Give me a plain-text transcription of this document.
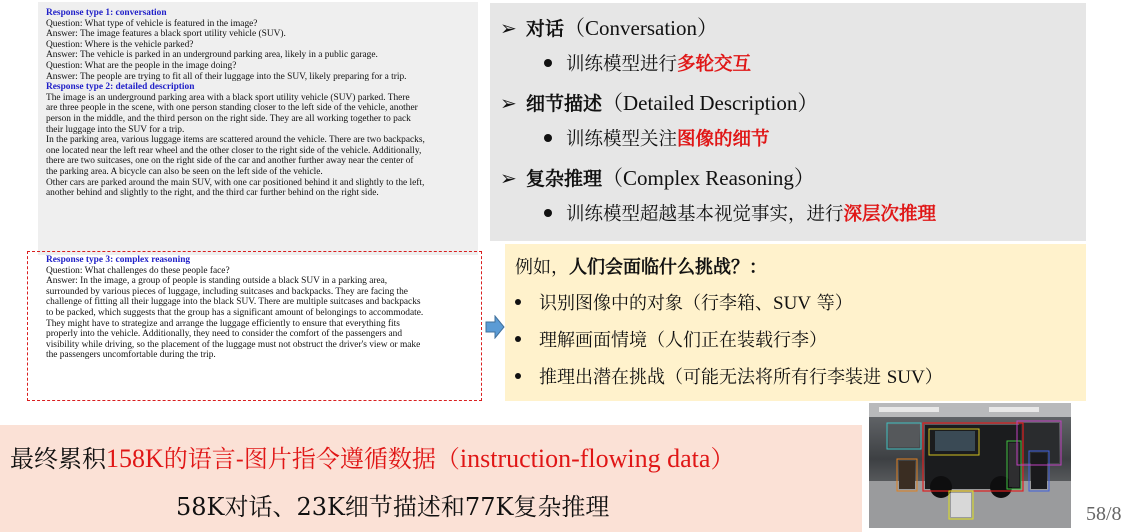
Response type 1: conversation
Question: What type of vehicle is featured in the image?
Answer: The image features a black sport utility vehicle (SUV).
Question: Where is the vehicle parked?
Answer: The vehicle is parked in an underground parking area, likely in a public garage.
Question: What are the people in the image doing?
Answer: The people are trying to fit all of their luggage into the SUV, likely preparing for a trip.
Response type 2: detailed description
The image is an underground parking area with a black sport utility vehicle (SUV) parked. There
are three people in the scene, with one person standing closer to the left side of the vehicle, another
person in the middle, and the third person on the right side. They are all working together to pack
their luggage into the SUV for a trip.
In the parking area, various luggage items are scattered around the vehicle. There are two backpacks,
one located near the left rear wheel and the other closer to the right side of the vehicle. Additionally,
there are two suitcases, one on the right side of the car and another further away near the center of
the parking area. A bicycle can also be seen on the left side of the vehicle.
Other cars are parked around the main SUV, with one car positioned behind it and slightly to the left,
another behind and slightly to the right, and the third car further behind on the right side.
Response type 3: complex reasoning
Question: What challenges do these people face?
Answer: In the image, a group of people is standing outside a black SUV in a parking area,
surrounded by various pieces of luggage, including suitcases and backpacks. They are facing the
challenge of fitting all their luggage into the black SUV. There are multiple suitcases and backpacks
to be packed, which suggests that the group has a significant amount of belongings to accommodate.
They might have to strategize and arrange the luggage efficiently to ensure that everything fits
properly into the vehicle. Additionally, they need to consider the comfort of the passengers and
visibility while driving, so the placement of the luggage must not obstruct the driver's view or make
the passengers uncomfortable during the trip.
➢ 对话（Conversation）
训练模型进行多轮交互
➢ 细节描述（Detailed Description）
训练模型关注图像的细节
➢ 复杂推理（Complex Reasoning）
训练模型超越基本视觉事实，进行深层次推理
例如，人们会面临什么挑战？：
识别图像中的对象（行李箱、SUV 等）
理解画面情境（人们正在装载行李）
推理出潜在挑战（可能无法将所有行李装进 SUV）
最终累积158K的语言-图片指令遵循数据（instruction-flowing data）
58K对话、23K细节描述和77K复杂推理	58/8
